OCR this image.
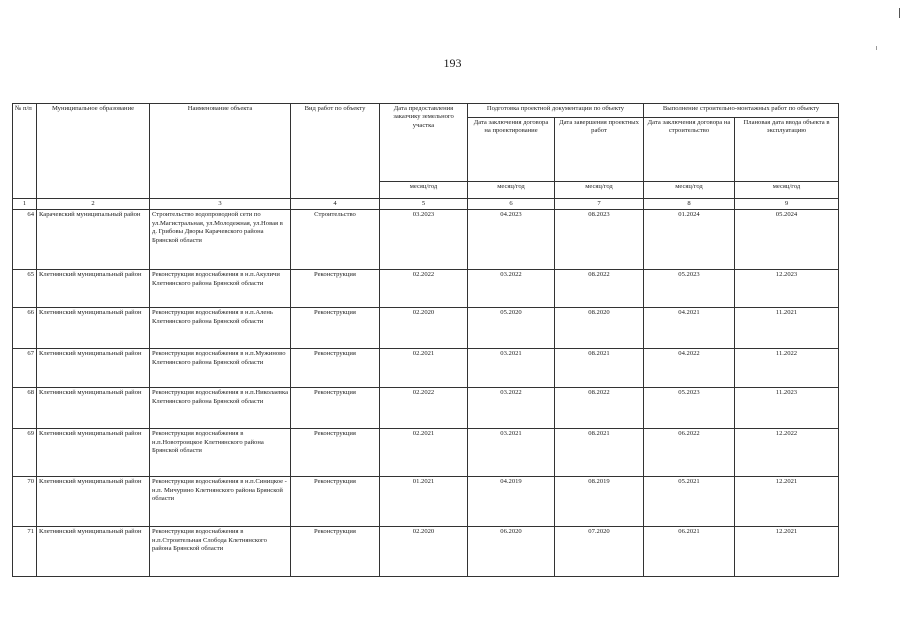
193
№ п/п	Муниципальное образование	Наименование объекта	Вид работ по объекту	Дата предоставления заказчику земельного участка	Подготовка проектной документации по объекту		Выполнение строительно-монтажных работ по объекту	
					Дата заключения договора на проектирование	Дата завершения проектных работ	Дата заключения договора на строительство	Плановая дата ввода объекта в эксплуатацию
				месяц/год	месяц/год	месяц/год	месяц/год	месяц/год
1	2	3	4	5	6	7	8	9
64	Карачевский муниципальный район	Строительство водопроводной сети по ул.Магистральная, ул.Молодежная, ул.Новая в д. Грибовы Дворы Карачевского района Брянской области	Строительство	03.2023	04.2023	08.2023	01.2024	05.2024
65	Клетнянский муниципальный район	Реконструкция водоснабжения в н.п.Акуличи Клетнянского района Брянской области	Реконструкция	02.2022	03.2022	08.2022	05.2023	12.2023
66	Клетнянский муниципальный район	Реконструкция водоснабжения в н.п.Алень Клетнянского района Брянской области	Реконструкция	02.2020	05.2020	08.2020	04.2021	11.2021
67	Клетнянский муниципальный район	Реконструкция водоснабжения в н.п.Мужиново Клетнянского района Брянской области	Реконструкция	02.2021	03.2021	08.2021	04.2022	11.2022
68	Клетнянский муниципальный район	Реконструкция водоснабжения в н.п.Николаевка Клетнянского района Брянской области	Реконструкция	02.2022	03.2022	08.2022	05.2023	11.2023
69	Клетнянский муниципальный район	Реконструкция водоснабжения в н.п.Новотроицкое Клетнянского района Брянской области	Реконструкция	02.2021	03.2021	08.2021	06.2022	12.2022
70	Клетнянский муниципальный район	Реконструкция водоснабжения в н.п.Синицкое - н.п. Мичурино Клетнянского района Брянской области	Реконструкция	01.2021	04.2019	08.2019	05.2021	12.2021
71	Клетнянский муниципальный район	Реконструкция водоснабжения в н.п.Строительная Слобода Клетнянского района Брянской области	Реконструкция	02.2020	06.2020	07.2020	06.2021	12.2021
